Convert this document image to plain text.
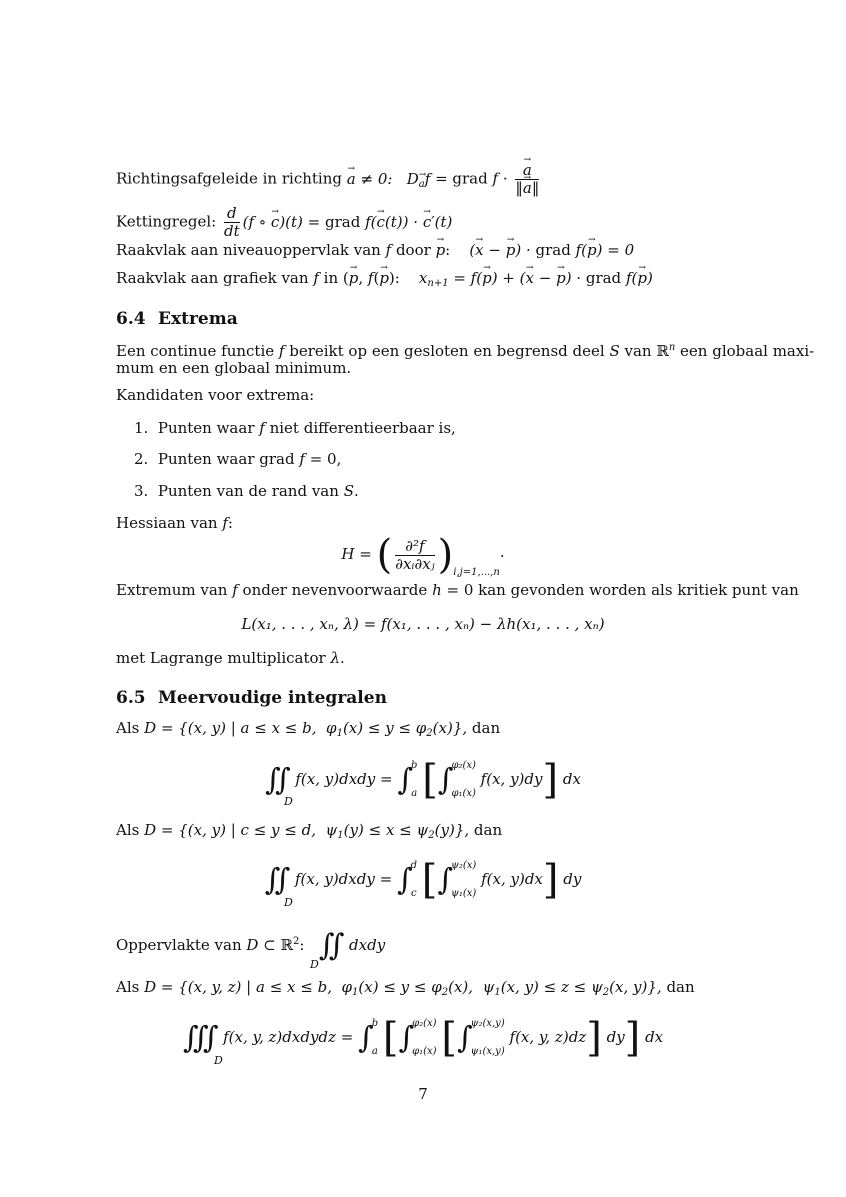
Richtingsafgeleide in richting → a ≠ 0: D→ $_a$f = grad f · → $\frac{a}{‖\to a‖}$
Kettingregel: $\frac{d}{dt} (f$ ∘ → c)(t) = grad f(→ c(t)) · → c′(t)
Raakvlak aan niveauoppervlak van f door → p:    (→ x − → p) · grad f(→ p) = 0
Raakvlak aan grafiek van f in (→ p, f(→ p):    $x_{n+1} = f(\to p)$ + (→ x − → p) · grad f(→ p)
6.4 Extrema
Een continue functie f bereikt op een gesloten en begrensd deel S van ℝ$^n$ een globaal maxi-
mum en een globaal minimum.
Kandidaten voor extrema:
1.  Punten waar f niet differentieerbaar is,
2.  Punten waar grad f = 0,
3.  Punten van de rand van S.
Hessiaan van f:
H = ( $\frac{\text{∂²f}}{\text{∂xᵢ∂xⱼ}} )_{i,j=1,...,n}$.
Extremum van f onder nevenvoorwaarde h = 0 kan gevonden worden als kritiek punt van
L(x₁, . . . , xₙ, λ) = f(x₁, . . . , xₙ) − λh(x₁, . . . , xₙ)
met Lagrange multiplicator λ.
6.5 Meervoudige integralen
Als D = {(x, y) | a ≤ x ≤ b,  $\varphi_1(x) \le y \le \varphi_2(x)$}, dan
∬ f(x, y)dxdy = ∫
b
a [∫
φ₂(x)
φ₁(x)
f(x, y)dy] dx
D
Als D = {(x, y) | c ≤ y ≤ d,  $\psi_1(y) \le x \le \psi_2(y)$}, dan
∬ f(x, y)dxdy = ∫
d
c [∫
ψ₂(x)
ψ₁(x)
f(x, y)dx] dy
D
Oppervlakte van D ⊂ ℝ$^2$:   ∬ dxdy
D
Als D = {(x, y, z) | a ≤ x ≤ b,  $\varphi_1(x) \le y \le \varphi_2(x)$,  $\psi_1(x$, $y) \le z \le \psi_2(x$, y)}, dan
∭ f(x, y, z)dxdydz = ∫
b
a [∫
φ₂(x)
φ₁(x) [∫
ψ₂(x,y)
ψ₁(x,y)
f(x, y, z)dz] dy] dx
D
7
